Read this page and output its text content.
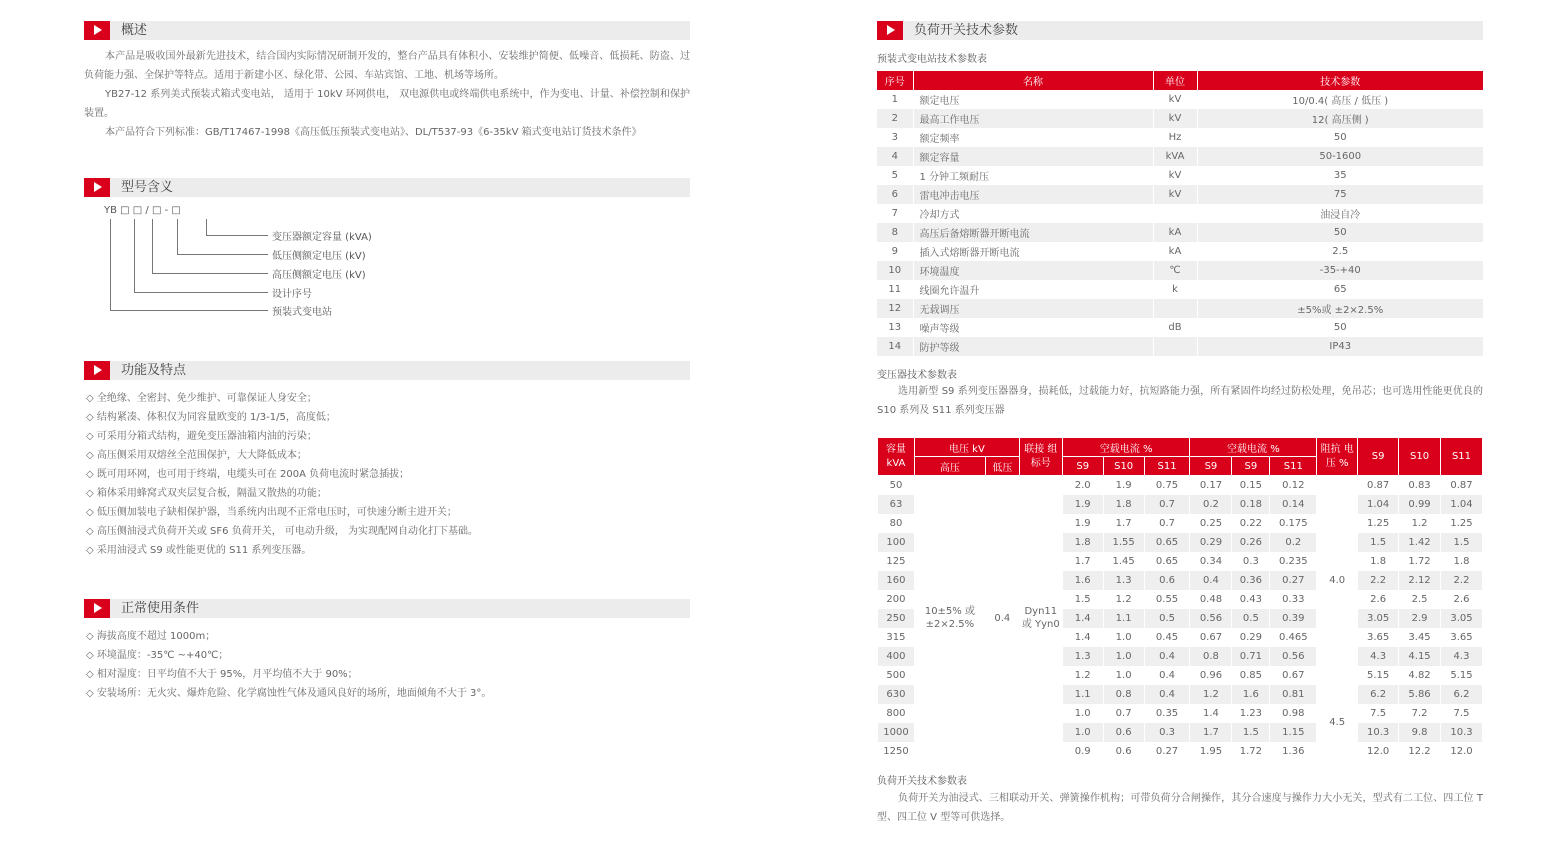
概述
本产品是吸收国外最新先进技术，结合国内实际情况研制开发的，整台产品具有体积小、安装维护简便、低噪音、低损耗、防盗、过负荷能力强、全保护等特点。适用于新建小区、绿化带、公园、车站宾馆、工地、机场等场所。
YB27-12 系列美式预装式箱式变电站， 适用于 10kV 环网供电， 双电源供电或终端供电系统中，作为变电、计量、补偿控制和保护装置。
本产品符合下列标准：GB/T17467-1998《高压低压预装式变电站》、DL/T537-93《6-35kV 箱式变电站订货技术条件》
型号含义
YB □ □ / □ - □
变压器额定容量 (kVA)
低压侧额定电压 (kV)
高压侧额定电压 (kV)
设计序号
预装式变电站
功能及特点
◇ 全绝缘、全密封、免少维护、可靠保证人身安全；
◇ 结构紧凑、体积仅为同容量欧变的 1/3-1/5，高度低；
◇ 可采用分箱式结构，避免变压器油箱内油的污染；
◇ 高压侧采用双熔丝全范围保护，大大降低成本；
◇ 既可用环网，也可用于终端，电缆头可在 200A 负荷电流时紧急插拔；
◇ 箱体采用蜂窝式双夹层复合板，隔温又散热的功能；
◇ 低压侧加装电子缺相保护器，当系统内出现不正常电压时，可快速分断主进开关；
◇ 高压侧油浸式负荷开关或 SF6 负荷开关， 可电动升级， 为实现配网自动化打下基础。
◇ 采用油浸式 S9 或性能更优的 S11 系列变压器。
正常使用条件
◇ 海拔高度不超过 1000m；
◇ 环境温度：-35℃ ~+40℃；
◇ 相对湿度：日平均值不大于 95%，月平均值不大于 90%；
◇ 安装场所：无火灾、爆炸危险、化学腐蚀性气体及通风良好的场所，地面倾角不大于 3°。
负荷开关技术参数
预装式变电站技术参数表
序号	名称	单位	技术参数
1	额定电压	kV	10/0.4( 高压 / 低压 )
2	最高工作电压	kV	12( 高压侧 )
3	额定频率	Hz	50
4	额定容量	kVA	50-1600
5	1 分钟工频耐压	kV	35
6	雷电冲击电压	kV	75
7	冷却方式		油浸自冷
8	高压后备熔断器开断电流	kA	50
9	插入式熔断器开断电流	kA	2.5
10	环境温度	℃	-35-+40
11	线圈允许温升	k	65
12	无载调压		±5%或 ±2×2.5%
13	噪声等级	dB	50
14	防护等级		IP43
变压器技术参数表
选用新型 S9 系列变压器器身，损耗低，过载能力好，抗短路能力强，所有紧固件均经过防松处理，免吊芯；也可选用性能更优良的 S10 系列及 S11 系列变压器
容量 kVA	电压 kV		联接 组标号	空载电流 %			空载电流 %			阻抗 电压 %	S9	S10	S11
	高压	低压		S9	S10	S11	S9	S9	S11				
50	10±5% 或 ±2×2.5%	0.4	Dyn11 或 Yyn0	2.0	1.9	0.75	0.17	0.15	0.12	4.0	0.87	0.83	0.87
63				1.9	1.8	0.7	0.2	0.18	0.14		1.04	0.99	1.04
80				1.9	1.7	0.7	0.25	0.22	0.175		1.25	1.2	1.25
100				1.8	1.55	0.65	0.29	0.26	0.2		1.5	1.42	1.5
125				1.7	1.45	0.65	0.34	0.3	0.235		1.8	1.72	1.8
160				1.6	1.3	0.6	0.4	0.36	0.27		2.2	2.12	2.2
200				1.5	1.2	0.55	0.48	0.43	0.33		2.6	2.5	2.6
250				1.4	1.1	0.5	0.56	0.5	0.39		3.05	2.9	3.05
315				1.4	1.0	0.45	0.67	0.29	0.465		3.65	3.45	3.65
400				1.3	1.0	0.4	0.8	0.71	0.56		4.3	4.15	4.3
500				1.2	1.0	0.4	0.96	0.85	0.67		5.15	4.82	5.15
630				1.1	0.8	0.4	1.2	1.6	0.81	4.5	6.2	5.86	6.2
800				1.0	0.7	0.35	1.4	1.23	0.98		7.5	7.2	7.5
1000				1.0	0.6	0.3	1.7	1.5	1.15		10.3	9.8	10.3
1250				0.9	0.6	0.27	1.95	1.72	1.36		12.0	12.2	12.0
负荷开关技术参数表
负荷开关为油浸式、三相联动开关、弹簧操作机构；可带负荷分合闸操作，其分合速度与操作力大小无关，型式有二工位、四工位 T 型、四工位 V 型等可供选择。
